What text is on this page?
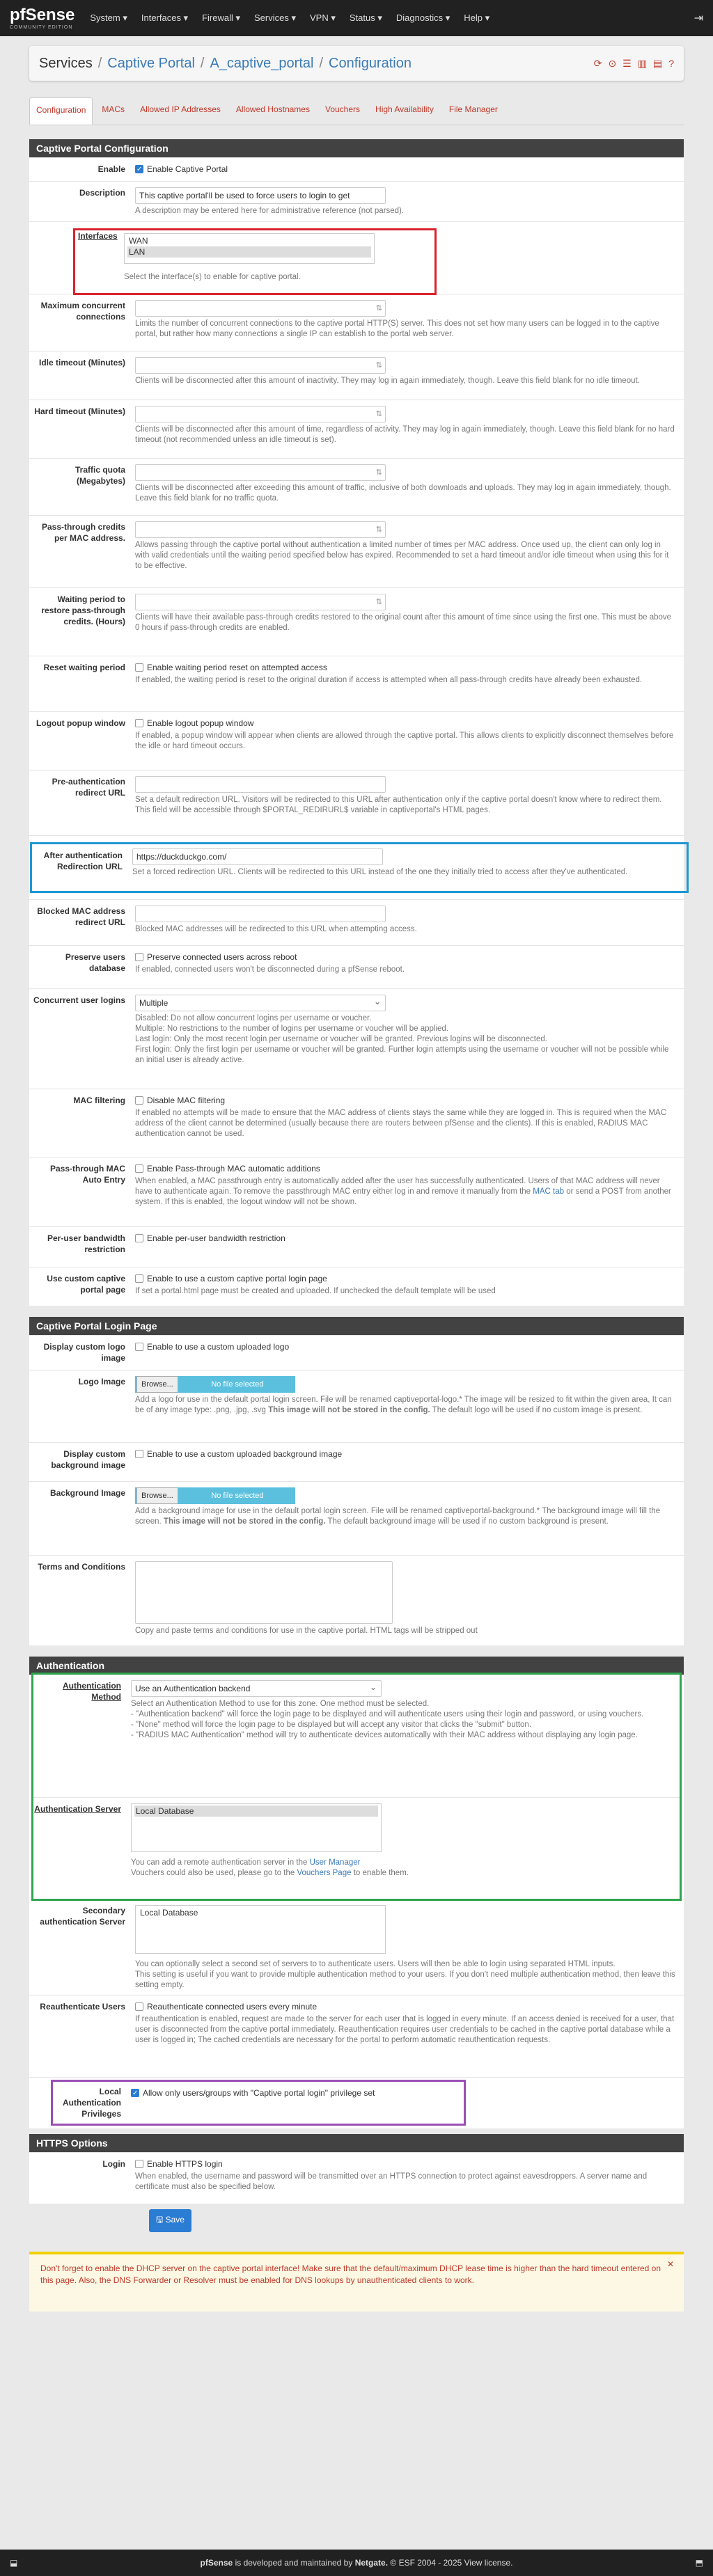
pfSense
COMMUNITY EDITION
System ▾ Interfaces ▾ Firewall ▾ Services ▾ VPN ▾ Status ▾ Diagnostics ▾ Help ▾	⇥
Services / Captive Portal / A_captive_portal / Configuration	⟳ ⊙ ☰ ▥ ▤ ?
Configuration	MACs	Allowed IP Addresses	Allowed Hostnames	Vouchers	High Availability	File Manager
Captive Portal Configuration
Enable
✓	Enable Captive Portal
Description	This captive portal'll be used to force users to login to get
A description may be entered here for administrative reference (not parsed).
Interfaces	WAN
LAN
Select the interface(s) to enable for captive portal.
Maximum concurrent connections
⇅
Limits the number of concurrent connections to the captive portal HTTP(S) server. This does not set how many users can be logged in to the captive portal, but rather how many connections a single IP can establish to the portal web server.
Idle timeout (Minutes)
⇅
Clients will be disconnected after this amount of inactivity. They may log in again immediately, though. Leave this field blank for no idle timeout.
Hard timeout (Minutes)
⇅
Clients will be disconnected after this amount of time, regardless of activity. They may log in again immediately, though. Leave this field blank for no hard timeout (not recommended unless an idle timeout is set).
Traffic quota (Megabytes)
⇅
Clients will be disconnected after exceeding this amount of traffic, inclusive of both downloads and uploads. They may log in again immediately, though. Leave this field blank for no traffic quota.
Pass-through credits per MAC address.
⇅
Allows passing through the captive portal without authentication a limited number of times per MAC address. Once used up, the client can only log in with valid credentials until the waiting period specified below has expired. Recommended to set a hard timeout and/or idle timeout when using this for it to be effective.
Waiting period to restore pass-through credits. (Hours)
⇅	Clients will have their available pass-through credits restored to the original count after this amount of time since using the first one. This must be above 0 hours if pass-through credits are enabled.
Reset waiting period	Enable waiting period reset on attempted access
If enabled, the waiting period is reset to the original duration if access is attempted when all pass-through credits have already been exhausted.
Logout popup window	Enable logout popup window
If enabled, a popup window will appear when clients are allowed through the captive portal. This allows clients to explicitly disconnect themselves before the idle or hard timeout occurs.
Pre-authentication redirect URL
Set a default redirection URL. Visitors will be redirected to this URL after authentication only if the captive portal doesn't know where to redirect them. This field will be accessible through $PORTAL_REDIRURL$ variable in captiveportal's HTML pages.
After authentication Redirection URL
https://duckduckgo.com/
Set a forced redirection URL. Clients will be redirected to this URL instead of the one they initially tried to access after they've authenticated.
Blocked MAC address redirect URL
Blocked MAC addresses will be redirected to this URL when attempting access.
Preserve users database
Preserve connected users across reboot
If enabled, connected users won't be disconnected during a pfSense reboot.
Concurrent user logins	Multiple ⌄
Disabled: Do not allow concurrent logins per username or voucher.
Multiple: No restrictions to the number of logins per username or voucher will be applied.
Last login: Only the most recent login per username or voucher will be granted. Previous logins will be disconnected.
First login: Only the first login per username or voucher will be granted. Further login attempts using the username or voucher will not be possible while an initial user is already active.
MAC filtering	Disable MAC filtering
If enabled no attempts will be made to ensure that the MAC address of clients stays the same while they are logged in. This is required when the MAC address of the client cannot be determined (usually because there are routers between pfSense and the clients). If this is enabled, RADIUS MAC authentication cannot be used.
Pass-through MAC Auto Entry
Enable Pass-through MAC automatic additions
When enabled, a MAC passthrough entry is automatically added after the user has successfully authenticated. Users of that MAC address will never have to authenticate again. To remove the passthrough MAC entry either log in and remove it manually from the MAC tab or send a POST from another system. If this is enabled, the logout window will not be shown.
Per-user bandwidth restriction
Enable per-user bandwidth restriction
Use custom captive portal page
Enable to use a custom captive portal login page
If set a portal.html page must be created and uploaded. If unchecked the default template will be used
Captive Portal Login Page
Display custom logo image
Enable to use a custom uploaded logo
Logo Image	Browse...	No file selected
Add a logo for use in the default portal login screen. File will be renamed captiveportal-logo.* The image will be resized to fit within the given area, It can be of any image type: .png, .jpg, .svg This image will not be stored in the config. The default logo will be used if no custom image is present.
Display custom background image
Enable to use a custom uploaded background image
Background Image	Browse...	No file selected
Add a background image for use in the default portal login screen. File will be renamed captiveportal-background.* The background image will fill the screen. This image will not be stored in the config. The default background image will be used if no custom background is present.
Terms and Conditions
Copy and paste terms and conditions for use in the captive portal. HTML tags will be stripped out
Authentication
Authentication Method
Use an Authentication backend ⌄
Select an Authentication Method to use for this zone. One method must be selected.
- "Authentication backend" will force the login page to be displayed and will authenticate users using their login and password, or using vouchers.
- "None" method will force the login page to be displayed but will accept any visitor that clicks the "submit" button.
- "RADIUS MAC Authentication" method will try to authenticate devices automatically with their MAC address without displaying any login page.
Authentication Server	Local Database
You can add a remote authentication server in the User Manager
Vouchers could also be used, please go to the Vouchers Page to enable them.
Secondary authentication Server
Local Database
You can optionally select a second set of servers to to authenticate users. Users will then be able to login using separated HTML inputs.
This setting is useful if you want to provide multiple authentication method to your users. If you don't need multiple authentication method, then leave this setting empty.
Reauthenticate Users	Reauthenticate connected users every minute
If reauthentication is enabled, request are made to the server for each user that is logged in every minute. If an access denied is received for a user, that user is disconnected from the captive portal immediately. Reauthentication requires user credentials to be cached in the captive portal database while a user is logged in; The cached credentials are necessary for the portal to perform automatic reauthentication requests.
Local Authentication Privileges
✓
Allow only users/groups with "Captive portal login" privilege set
HTTPS Options
Login	Enable HTTPS login
When enabled, the username and password will be transmitted over an HTTPS connection to protect against eavesdroppers. A server name and certificate must also be specified below.
🖫 Save
✕
Don't forget to enable the DHCP server on the captive portal interface! Make sure that the default/maximum DHCP lease time is higher than the hard timeout entered on this page. Also, the DNS Forwarder or Resolver must be enabled for DNS lookups by unauthenticated clients to work.
⬓	pfSense is developed and maintained by Netgate. © ESF 2004 - 2025 View license.	⬒
